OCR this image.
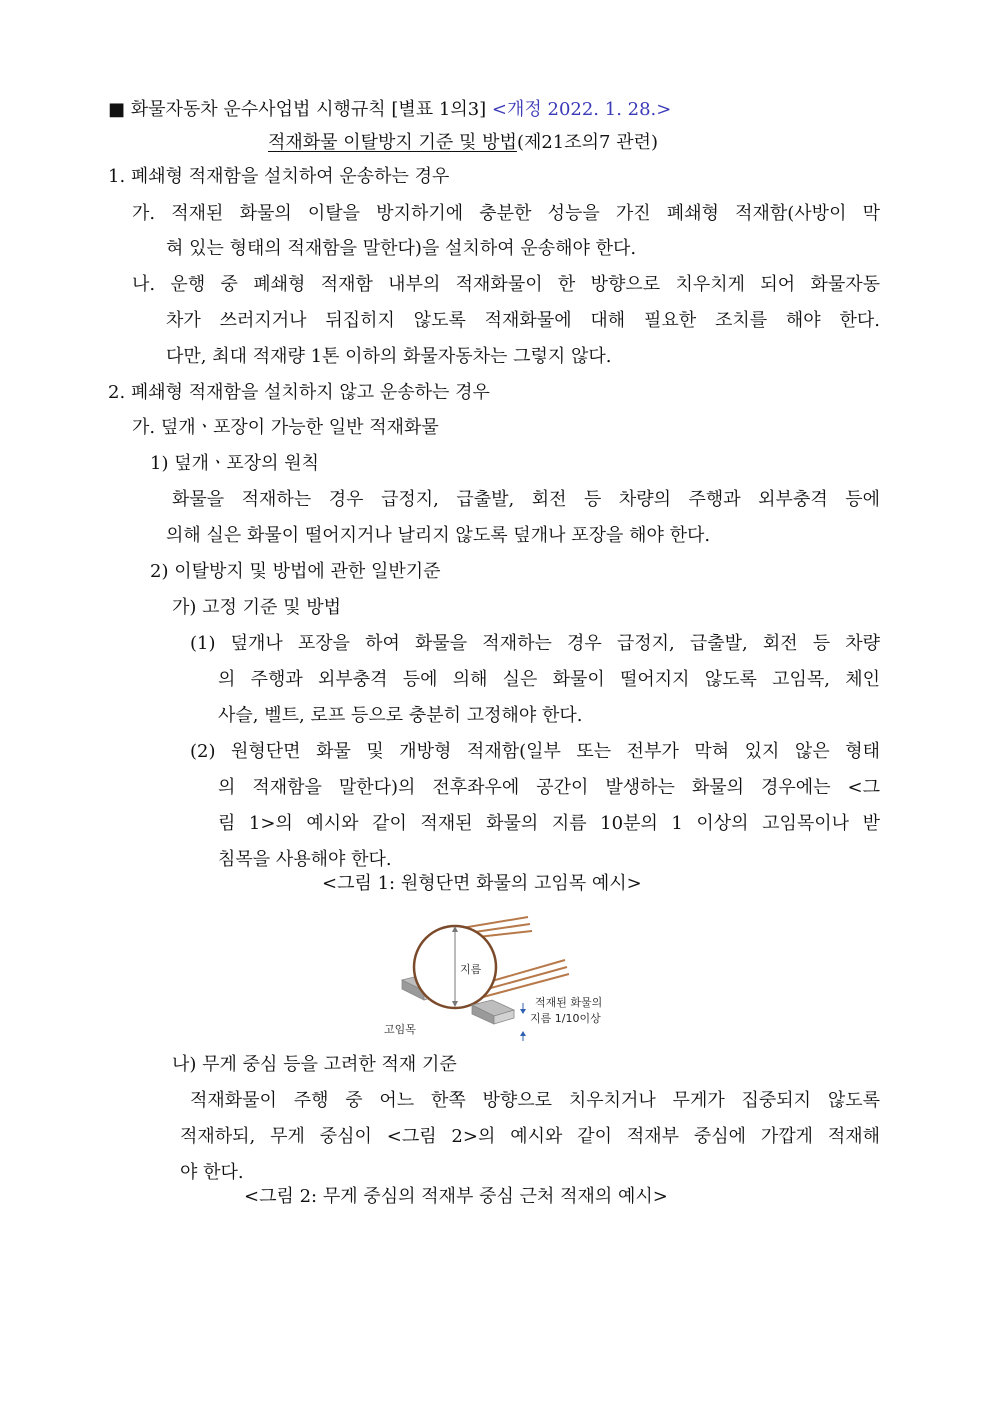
■ 화물자동차 운수사업법 시행규칙 [별표 1의3] <개정 2022. 1. 28.>
적재화물 이탈방지 기준 및 방법(제21조의7 관련)
1. 폐쇄형 적재함을 설치하여 운송하는 경우
가. 적재된 화물의 이탈을 방지하기에 충분한 성능을 가진 폐쇄형 적재함(사방이 막
혀 있는 형태의 적재함을 말한다)을 설치하여 운송해야 한다.
나. 운행 중 폐쇄형 적재함 내부의 적재화물이 한 방향으로 치우치게 되어 화물자동
차가 쓰러지거나 뒤집히지 않도록 적재화물에 대해 필요한 조치를 해야 한다.
다만, 최대 적재량 1톤 이하의 화물자동차는 그렇지 않다.
2. 폐쇄형 적재함을 설치하지 않고 운송하는 경우
가. 덮개ㆍ포장이 가능한 일반 적재화물
1) 덮개ㆍ포장의 원칙
화물을 적재하는 경우 급정지, 급출발, 회전 등 차량의 주행과 외부충격 등에
의해 실은 화물이 떨어지거나 날리지 않도록 덮개나 포장을 해야 한다.
2) 이탈방지 및 방법에 관한 일반기준
가) 고정 기준 및 방법
(1) 덮개나 포장을 하여 화물을 적재하는 경우 급정지, 급출발, 회전 등 차량
의 주행과 외부충격 등에 의해 실은 화물이 떨어지지 않도록 고임목, 체인
사슬, 벨트, 로프 등으로 충분히 고정해야 한다.
(2) 원형단면 화물 및 개방형 적재함(일부 또는 전부가 막혀 있지 않은 형태
의 적재함을 말한다)의 전후좌우에 공간이 발생하는 화물의 경우에는 <그
림 1>의 예시와 같이 적재된 화물의 지름 10분의 1 이상의 고임목이나 받
침목을 사용해야 한다.
<그림 1: 원형단면 화물의 고임목 예시>
지름
고임목
적재된 화물의
지름 1/10이상
나) 무게 중심 등을 고려한 적재 기준
적재화물이 주행 중 어느 한쪽 방향으로 치우치거나 무게가 집중되지 않도록
적재하되, 무게 중심이 <그림 2>의 예시와 같이 적재부 중심에 가깝게 적재해
야 한다.
<그림 2: 무게 중심의 적재부 중심 근처 적재의 예시>
